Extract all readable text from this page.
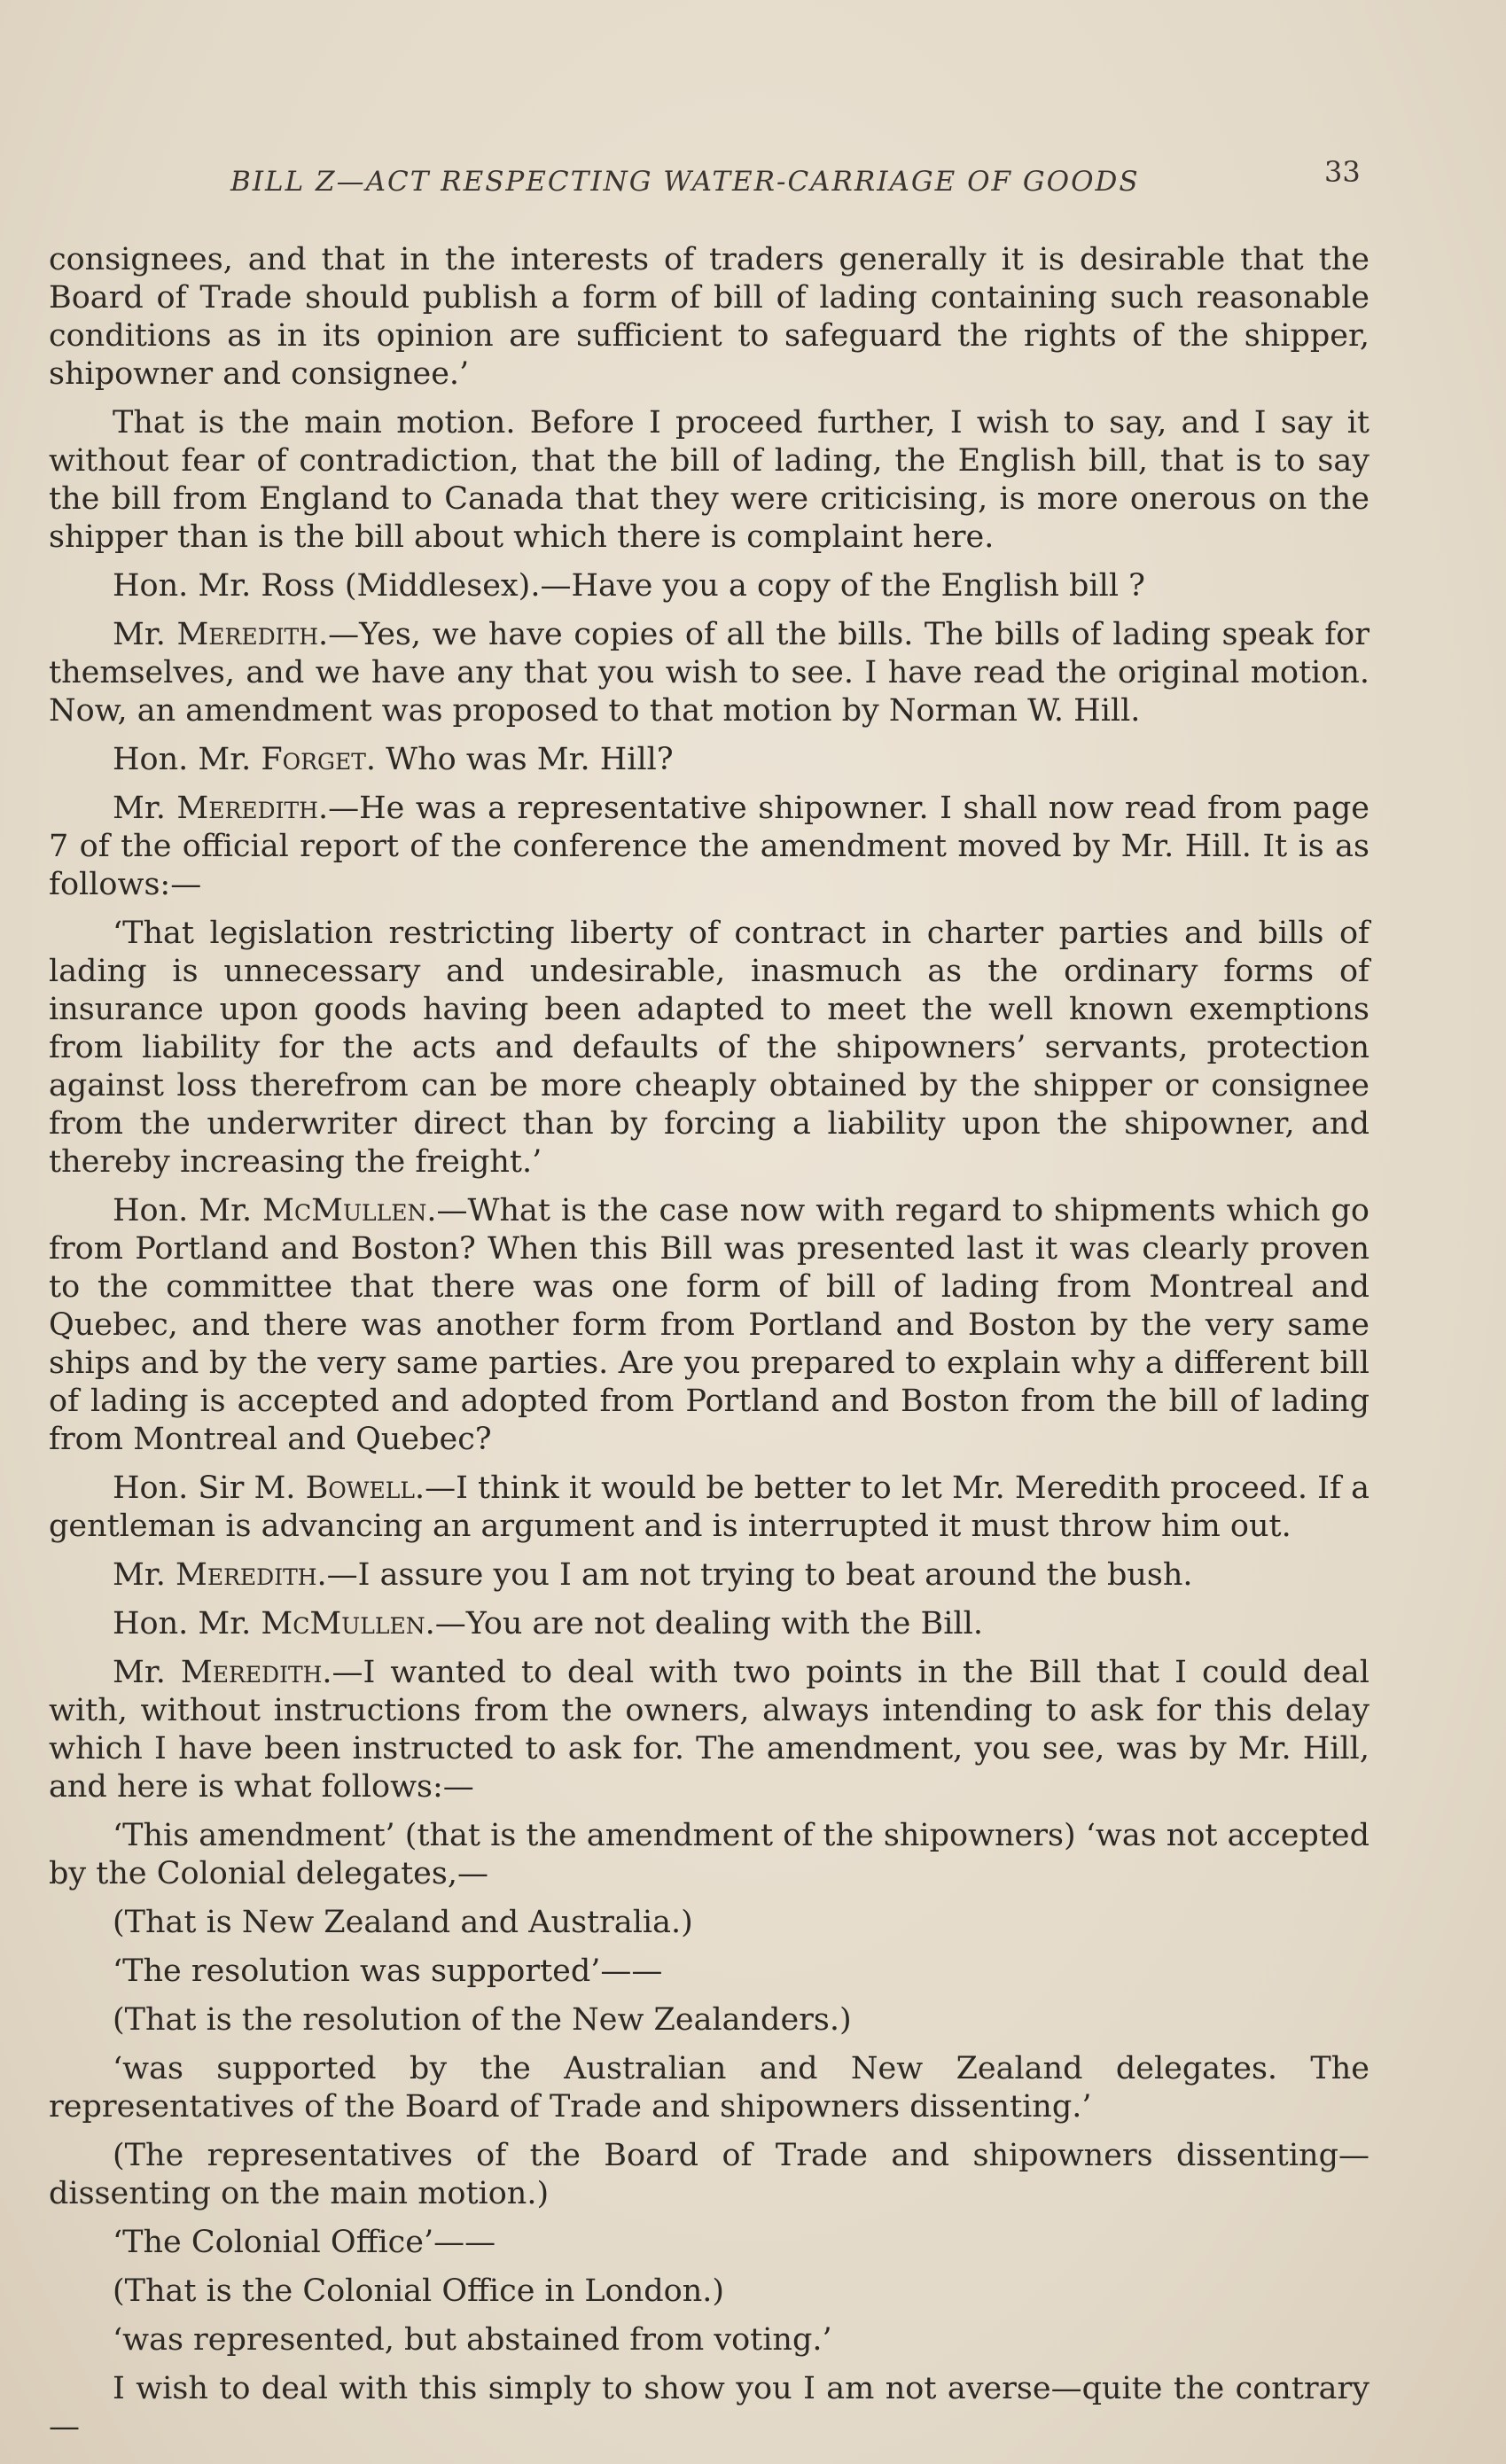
BILL Z—ACT RESPECTING WATER-CARRIAGE OF GOODS	33

consignees, and that in the interests of traders generally it is desirable that the Board of Trade should publish a form of bill of lading containing such reasonable conditions as in its opinion are sufficient to safeguard the rights of the shipper, shipowner and consignee.’

That is the main motion. Before I proceed further, I wish to say, and I say it without fear of contradiction, that the bill of lading, the English bill, that is to say the bill from England to Canada that they were criticising, is more onerous on the shipper than is the bill about which there is complaint here.

Hon. Mr. Ross (Middlesex).—Have you a copy of the English bill ?

Mr. Meredith.—Yes, we have copies of all the bills. The bills of lading speak for themselves, and we have any that you wish to see. I have read the original motion. Now, an amendment was proposed to that motion by Norman W. Hill.

Hon. Mr. Forget. Who was Mr. Hill?

Mr. Meredith.—He was a representative shipowner. I shall now read from page 7 of the official report of the conference the amendment moved by Mr. Hill. It is as follows:—

‘That legislation restricting liberty of contract in charter parties and bills of lading is unnecessary and undesirable, inasmuch as the ordinary forms of insurance upon goods having been adapted to meet the well known exemptions from liability for the acts and defaults of the shipowners’ servants, protection against loss therefrom can be more cheaply obtained by the shipper or consignee from the underwriter direct than by forcing a liability upon the shipowner, and thereby increasing the freight.’

Hon. Mr. McMullen.—What is the case now with regard to shipments which go from Portland and Boston? When this Bill was presented last it was clearly proven to the committee that there was one form of bill of lading from Montreal and Quebec, and there was another form from Portland and Boston by the very same ships and by the very same parties. Are you prepared to explain why a different bill of lading is accepted and adopted from Portland and Boston from the bill of lading from Montreal and Quebec?

Hon. Sir M. Bowell.—I think it would be better to let Mr. Meredith proceed. If a gentleman is advancing an argument and is interrupted it must throw him out.

Mr. Meredith.—I assure you I am not trying to beat around the bush.

Hon. Mr. McMullen.—You are not dealing with the Bill.

Mr. Meredith.—I wanted to deal with two points in the Bill that I could deal with, without instructions from the owners, always intending to ask for this delay which I have been instructed to ask for. The amendment, you see, was by Mr. Hill, and here is what follows:—

‘This amendment’ (that is the amendment of the shipowners) ‘was not accepted by the Colonial delegates,—

(That is New Zealand and Australia.)

‘The resolution was supported’——

(That is the resolution of the New Zealanders.)

‘was supported by the Australian and New Zealand delegates. The representatives of the Board of Trade and shipowners dissenting.’

(The representatives of the Board of Trade and shipowners dissenting—dissenting on the main motion.)

‘The Colonial Office’——

(That is the Colonial Office in London.)

‘was represented, but abstained from voting.’

I wish to deal with this simply to show you I am not averse—quite the contrary—
